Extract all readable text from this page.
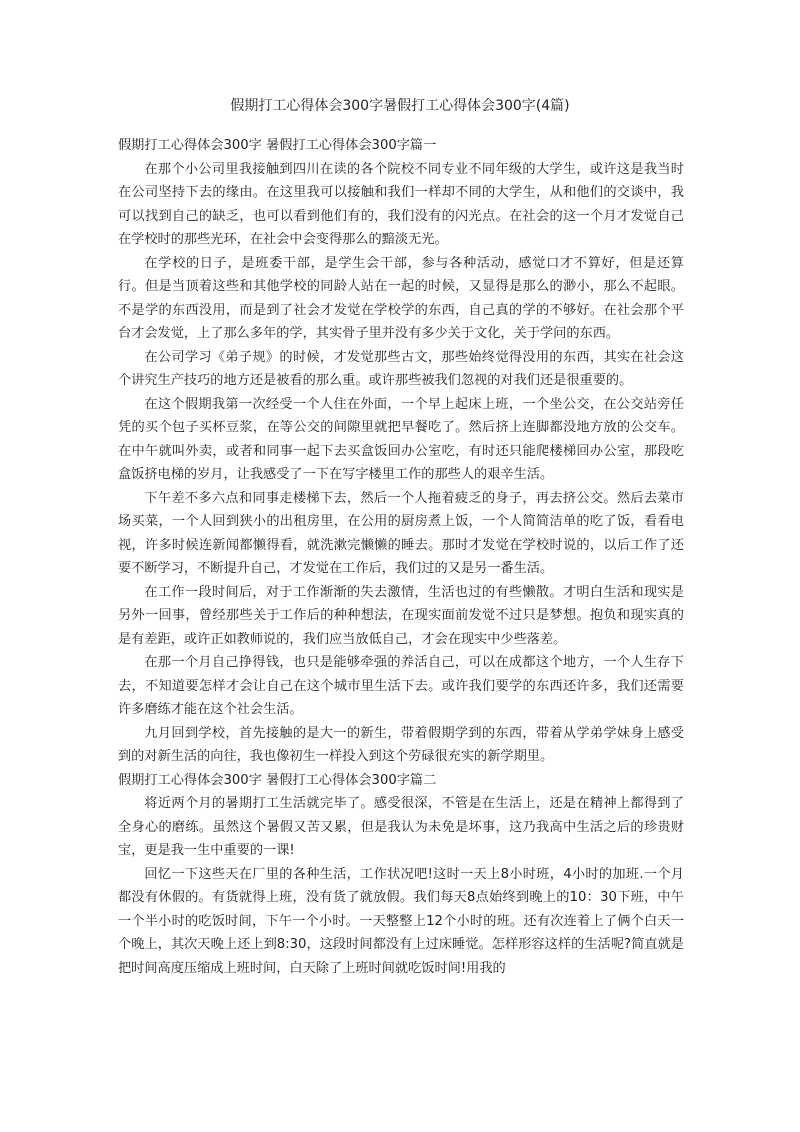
假期打工心得体会300字暑假打工心得体会300字(4篇)

假期打工心得体会300字 暑假打工心得体会300字篇一

在那个小公司里我接触到四川在读的各个院校不同专业不同年级的大学生，或许这是我当时在公司坚持下去的缘由。在这里我可以接触和我们一样却不同的大学生，从和他们的交谈中，我可以找到自己的缺乏，也可以看到他们有的，我们没有的闪光点。在社会的这一个月才发觉自己在学校时的那些光环，在社会中会变得那么的黯淡无光。

在学校的日子，是班委干部，是学生会干部，参与各种活动，感觉口才不算好，但是还算行。但是当顶着这些和其他学校的同龄人站在一起的时候，又显得是那么的渺小，那么不起眼。不是学的东西没用，而是到了社会才发觉在学校学的东西，自己真的学的不够好。在社会那个平台才会发觉，上了那么多年的学，其实骨子里并没有多少关于文化，关于学问的东西。

在公司学习《弟子规》的时候，才发觉那些古文，那些始终觉得没用的东西，其实在社会这个讲究生产技巧的地方还是被看的那么重。或许那些被我们忽视的对我们还是很重要的。

在这个假期我第一次经受一个人住在外面，一个早上起床上班，一个坐公交，在公交站旁任凭的买个包子买杯豆浆，在等公交的间隙里就把早餐吃了。然后挤上连脚都没地方放的公交车。在中午就叫外卖，或者和同事一起下去买盒饭回办公室吃，有时还只能爬楼梯回办公室，那段吃盒饭挤电梯的岁月，让我感受了一下在写字楼里工作的那些人的艰辛生活。

下午差不多六点和同事走楼梯下去，然后一个人拖着疲乏的身子，再去挤公交。然后去菜市场买菜，一个人回到狭小的出租房里，在公用的厨房煮上饭，一个人简简洁单的吃了饭，看看电视，许多时候连新闻都懒得看，就洗漱完懒懒的睡去。那时才发觉在学校时说的，以后工作了还要不断学习，不断提升自己，才发觉在工作后，我们过的又是另一番生活。

在工作一段时间后，对于工作渐渐的失去激情，生活也过的有些懒散。才明白生活和现实是另外一回事，曾经那些关于工作后的种种想法，在现实面前发觉不过只是梦想。抱负和现实真的是有差距，或许正如教师说的，我们应当放低自己，才会在现实中少些落差。

在那一个月自己挣得钱，也只是能够牵强的养活自己，可以在成都这个地方，一个人生存下去，不知道要怎样才会让自己在这个城市里生活下去。或许我们要学的东西还许多，我们还需要许多磨练才能在这个社会生活。

九月回到学校，首先接触的是大一的新生，带着假期学到的东西，带着从学弟学妹身上感受到的对新生活的向往，我也像初生一样投入到这个劳碌很充实的新学期里。

假期打工心得体会300字 暑假打工心得体会300字篇二

将近两个月的暑期打工生活就完毕了。感受很深，不管是在生活上，还是在精神上都得到了全身心的磨练。虽然这个暑假又苦又累，但是我认为未免是坏事，这乃我高中生活之后的珍贵财宝，更是我一生中重要的一课!

回忆一下这些天在厂里的各种生活，工作状况吧!这时一天上8小时班，4小时的加班.一个月都没有休假的。有货就得上班，没有货了就放假。我们每天8点始终到晚上的10：30下班，中午一个半小时的吃饭时间，下午一个小时。一天整整上12个小时的班。还有次连着上了俩个白天一个晚上，其次天晚上还上到8:30，这段时间都没有上过床睡觉。怎样形容这样的生活呢?简直就是把时间高度压缩成上班时间，白天除了上班时间就吃饭时间!用我的
